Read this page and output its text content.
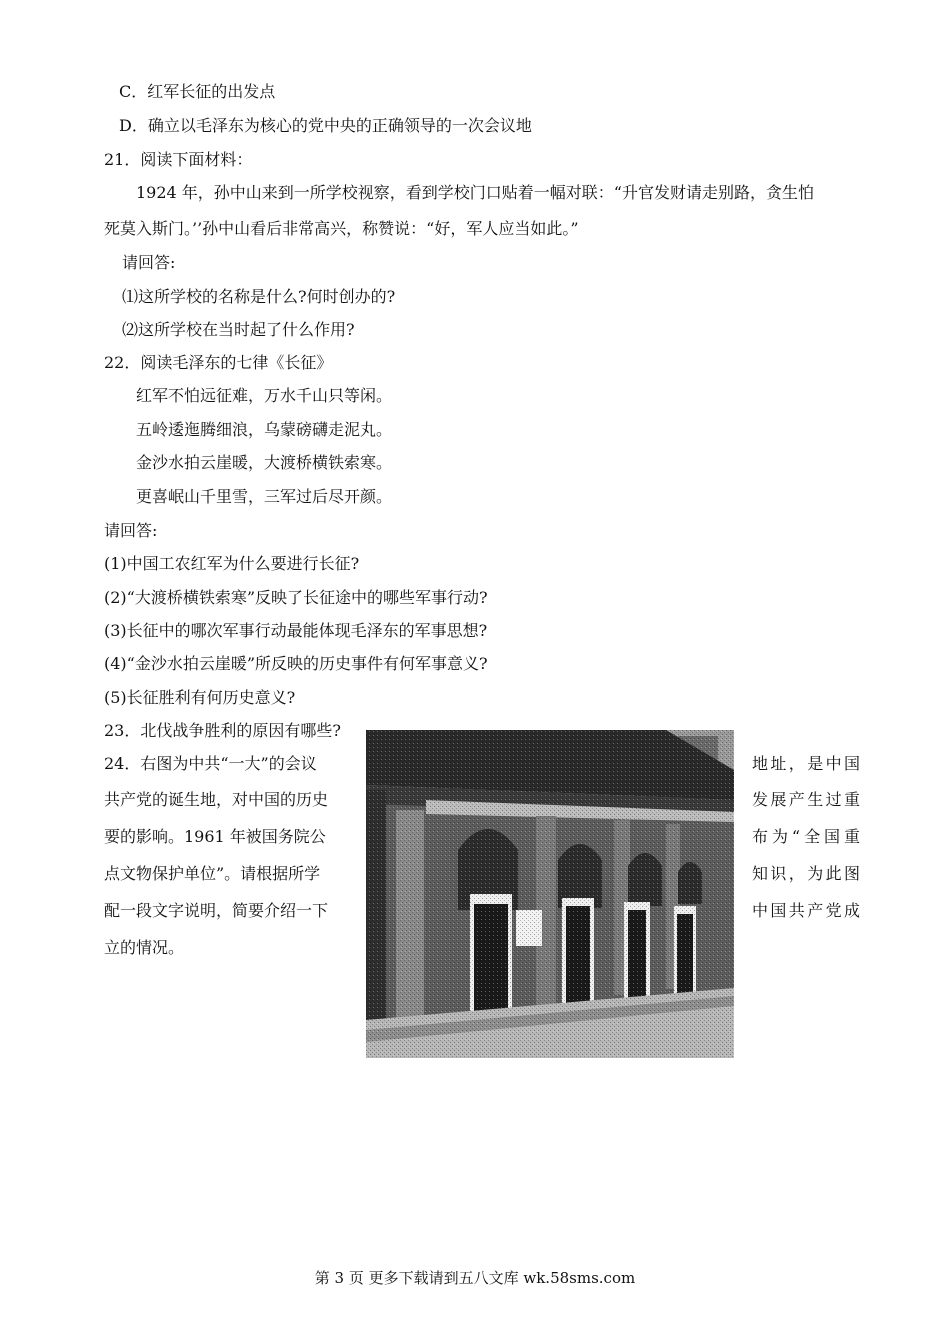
C．红军长征的出发点
D．确立以毛泽东为核心的党中央的正确领导的一次会议地
21．阅读下面材料：
1924 年，孙中山来到一所学校视察，看到学校门口贴着一幅对联：“升官发财请走别路，贪生怕
死莫入斯门。’’孙中山看后非常高兴，称赞说：“好，军人应当如此。”
请回答:
⑴这所学校的名称是什么?何时创办的?
⑵这所学校在当时起了什么作用?
22．阅读毛泽东的七律《长征》
红军不怕远征难，万水千山只等闲。
五岭逶迤腾细浪，乌蒙磅礴走泥丸。
金沙水拍云崖暖，大渡桥横铁索寒。
更喜岷山千里雪，三军过后尽开颜。
请回答:
(1)中国工农红军为什么要进行长征?
(2)“大渡桥横铁索寒”反映了长征途中的哪些军事行动?
(3)长征中的哪次军事行动最能体现毛泽东的军事思想?
(4)“金沙水拍云崖暖”所反映的历史事件有何军事意义?
(5)长征胜利有何历史意义?
23．北伐战争胜利的原因有哪些?
24．右图为中共“一大”的会议
共产党的诞生地，对中国的历史
要的影响。1961 年被国务院公
点文物保护单位”。请根据所学
配一段文字说明，简要介绍一下
立的情况。
地址，是中国
发展产生过重
布为“全国重
知识，为此图
中国共产党成
第 3 页 更多下载请到五八文库 wk.58sms.com
